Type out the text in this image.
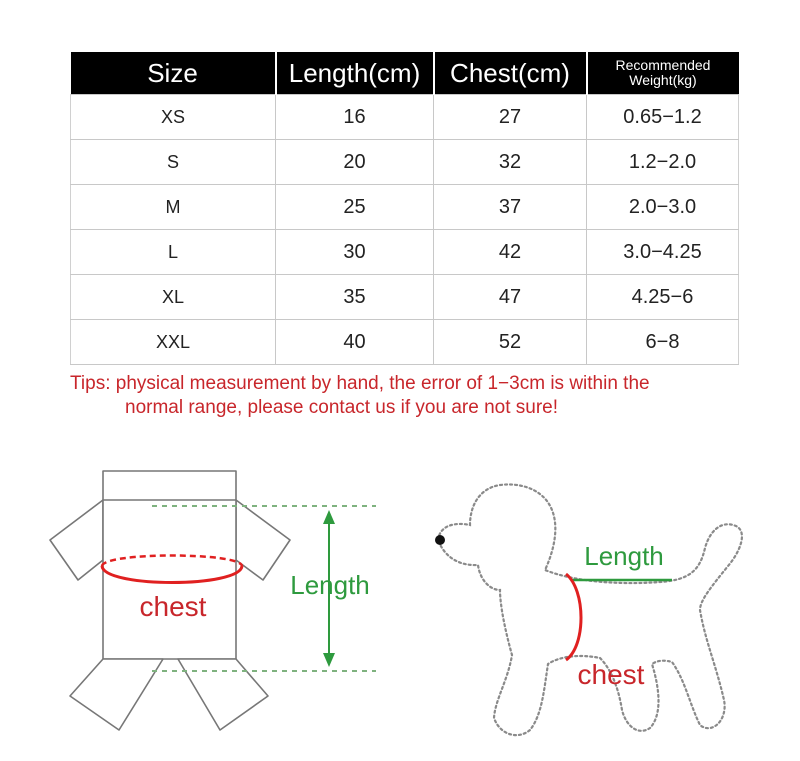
Size	Length(cm)	Chest(cm)	Recommended
Weight(kg)
XS	16	27	0.65−1.2
S	20	32	1.2−2.0
M	25	37	2.0−3.0
L	30	42	3.0−4.25
XL	35	47	4.25−6
XXL	40	52	6−8
Tips: physical measurement by hand, the error of 1−3cm is within the
normal range, please contact us if you are not sure!
chest
Length
Length
chest
